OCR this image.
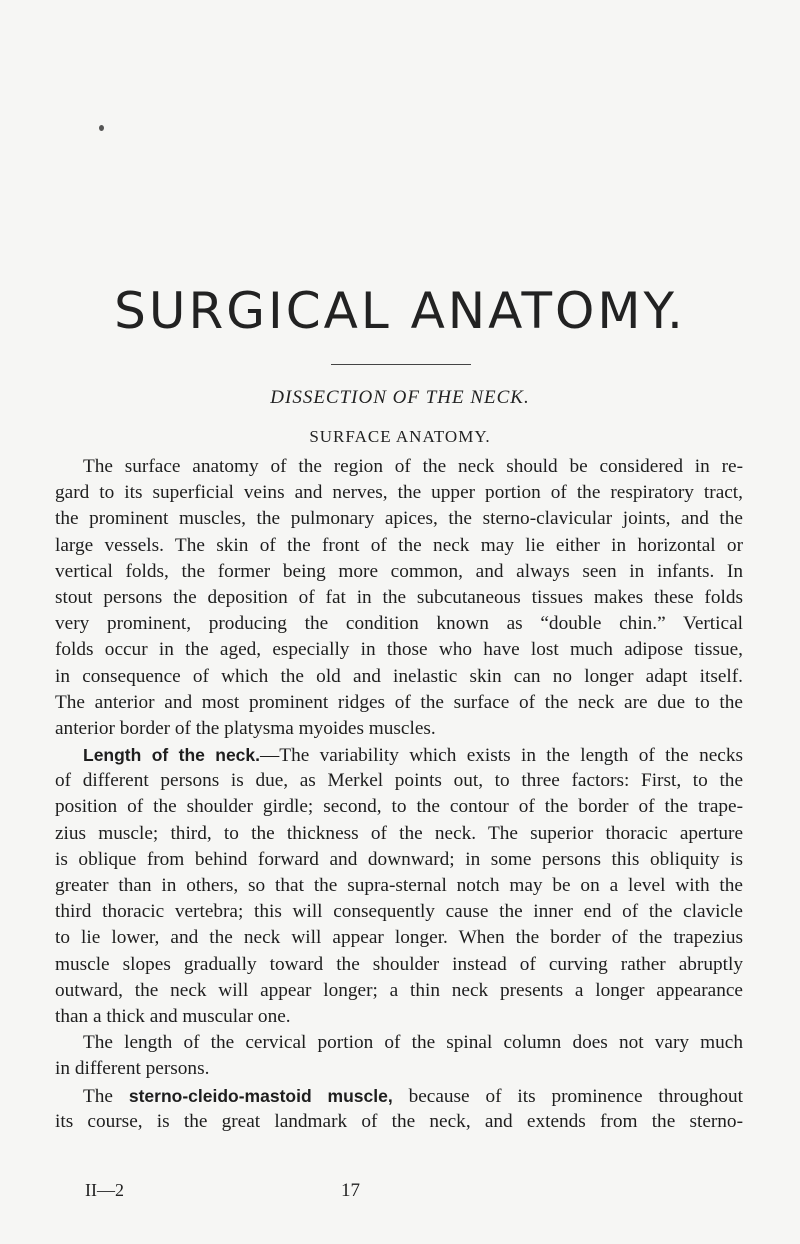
SURGICAL ANATOMY.
DISSECTION OF THE NECK.
SURFACE ANATOMY.
The surface anatomy of the region of the neck should be considered in re-
gard to its superficial veins and nerves, the upper portion of the respiratory tract,
the prominent muscles, the pulmonary apices, the sterno-clavicular joints, and the
large vessels. The skin of the front of the neck may lie either in horizontal or
vertical folds, the former being more common, and always seen in infants. In
stout persons the deposition of fat in the subcutaneous tissues makes these folds
very prominent, producing the condition known as “double chin.” Vertical
folds occur in the aged, especially in those who have lost much adipose tissue,
in consequence of which the old and inelastic skin can no longer adapt itself.
The anterior and most prominent ridges of the surface of the neck are due to the
anterior border of the platysma myoides muscles.
Length of the neck.—The variability which exists in the length of the necks
of different persons is due, as Merkel points out, to three factors: First, to the
position of the shoulder girdle; second, to the contour of the border of the trape-
zius muscle; third, to the thickness of the neck. The superior thoracic aperture
is oblique from behind forward and downward; in some persons this obliquity is
greater than in others, so that the supra-sternal notch may be on a level with the
third thoracic vertebra; this will consequently cause the inner end of the clavicle
to lie lower, and the neck will appear longer. When the border of the trapezius
muscle slopes gradually toward the shoulder instead of curving rather abruptly
outward, the neck will appear longer; a thin neck presents a longer appearance
than a thick and muscular one.
The length of the cervical portion of the spinal column does not vary much
in different persons.
The sterno-cleido-mastoid muscle, because of its prominence throughout
its course, is the great landmark of the neck, and extends from the sterno-
II—2	17
